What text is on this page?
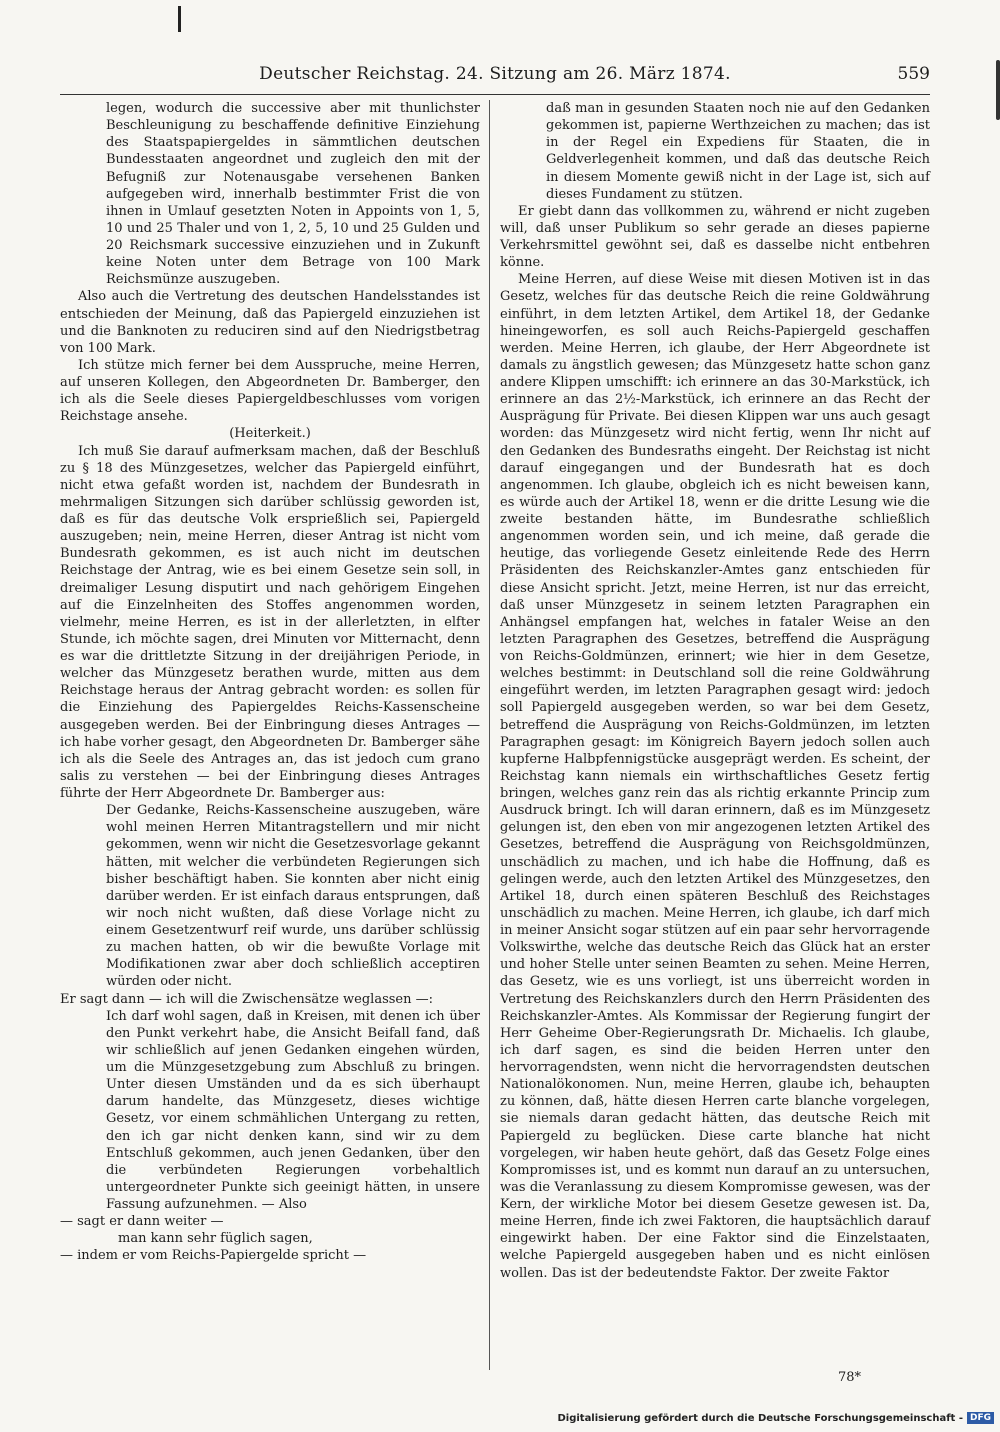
Deutscher Reichstag. 24. Sitzung am 26. März 1874.	559

legen, wodurch die successive aber mit thunlichster Beschleunigung zu beschaffende definitive Einziehung des Staatspapiergeldes in sämmtlichen deutschen Bundesstaaten angeordnet und zugleich den mit der Befugniß zur Notenausgabe versehenen Banken aufgegeben wird, innerhalb bestimmter Frist die von ihnen in Umlauf gesetzten Noten in Appoints von 1, 5, 10 und 25 Thaler und von 1, 2, 5, 10 und 25 Gulden und 20 Reichsmark successive einzuziehen und in Zukunft keine Noten unter dem Betrage von 100 Mark Reichsmünze auszugeben.

Also auch die Vertretung des deutschen Handelsstandes ist entschieden der Meinung, daß das Papiergeld einzuziehen ist und die Banknoten zu reduciren sind auf den Niedrigstbetrag von 100 Mark.

Ich stütze mich ferner bei dem Ausspruche, meine Herren, auf unseren Kollegen, den Abgeordneten Dr. Bamberger, den ich als die Seele dieses Papiergeldbeschlusses vom vorigen Reichstage ansehe.

(Heiterkeit.)

Ich muß Sie darauf aufmerksam machen, daß der Beschluß zu § 18 des Münzgesetzes, welcher das Papiergeld einführt, nicht etwa gefaßt worden ist, nachdem der Bundesrath in mehrmaligen Sitzungen sich darüber schlüssig geworden ist, daß es für das deutsche Volk ersprießlich sei, Papiergeld auszugeben; nein, meine Herren, dieser Antrag ist nicht vom Bundesrath gekommen, es ist auch nicht im deutschen Reichstage der Antrag, wie es bei einem Gesetze sein soll, in dreimaliger Lesung disputirt und nach gehörigem Eingehen auf die Einzelnheiten des Stoffes angenommen worden, vielmehr, meine Herren, es ist in der allerletzten, in elfter Stunde, ich möchte sagen, drei Minuten vor Mitternacht, denn es war die drittletzte Sitzung in der dreijährigen Periode, in welcher das Münzgesetz berathen wurde, mitten aus dem Reichstage heraus der Antrag gebracht worden: es sollen für die Einziehung des Papiergeldes Reichs-Kassenscheine ausgegeben werden. Bei der Einbringung dieses Antrages — ich habe vorher gesagt, den Abgeordneten Dr. Bamberger sähe ich als die Seele des Antrages an, das ist jedoch cum grano salis zu verstehen — bei der Einbringung dieses Antrages führte der Herr Abgeordnete Dr. Bamberger aus:

Der Gedanke, Reichs-Kassenscheine auszugeben, wäre wohl meinen Herren Mitantragstellern und mir nicht gekommen, wenn wir nicht die Gesetzesvorlage gekannt hätten, mit welcher die verbündeten Regierungen sich bisher beschäftigt haben. Sie konnten aber nicht einig darüber werden. Er ist einfach daraus entsprungen, daß wir noch nicht wußten, daß diese Vorlage nicht zu einem Gesetzentwurf reif wurde, uns darüber schlüssig zu machen hatten, ob wir die bewußte Vorlage mit Modifikationen zwar aber doch schließlich acceptiren würden oder nicht.

Er sagt dann — ich will die Zwischensätze weglassen —:

Ich darf wohl sagen, daß in Kreisen, mit denen ich über den Punkt verkehrt habe, die Ansicht Beifall fand, daß wir schließlich auf jenen Gedanken eingehen würden, um die Münzgesetzgebung zum Abschluß zu bringen. Unter diesen Umständen und da es sich überhaupt darum handelte, das Münzgesetz, dieses wichtige Gesetz, vor einem schmählichen Untergang zu retten, den ich gar nicht denken kann, sind wir zu dem Entschluß gekommen, auch jenen Gedanken, über den die verbündeten Regierungen vorbehaltlich untergeordneter Punkte sich geeinigt hätten, in unsere Fassung aufzunehmen. — Also

— sagt er dann weiter —

man kann sehr füglich sagen,

— indem er vom Reichs-Papiergelde spricht —

daß man in gesunden Staaten noch nie auf den Gedanken gekommen ist, papierne Werthzeichen zu machen; das ist in der Regel ein Expediens für Staaten, die in Geldverlegenheit kommen, und daß das deutsche Reich in diesem Momente gewiß nicht in der Lage ist, sich auf dieses Fundament zu stützen.

Er giebt dann das vollkommen zu, während er nicht zugeben will, daß unser Publikum so sehr gerade an dieses papierne Verkehrsmittel gewöhnt sei, daß es dasselbe nicht entbehren könne.

Meine Herren, auf diese Weise mit diesen Motiven ist in das Gesetz, welches für das deutsche Reich die reine Goldwährung einführt, in dem letzten Artikel, dem Artikel 18, der Gedanke hineingeworfen, es soll auch Reichs-Papiergeld geschaffen werden. Meine Herren, ich glaube, der Herr Abgeordnete ist damals zu ängstlich gewesen; das Münzgesetz hatte schon ganz andere Klippen umschifft: ich erinnere an das 30-Markstück, ich erinnere an das 2½-Markstück, ich erinnere an das Recht der Ausprägung für Private. Bei diesen Klippen war uns auch gesagt worden: das Münzgesetz wird nicht fertig, wenn Ihr nicht auf den Gedanken des Bundesraths eingeht. Der Reichstag ist nicht darauf eingegangen und der Bundesrath hat es doch angenommen. Ich glaube, obgleich ich es nicht beweisen kann, es würde auch der Artikel 18, wenn er die dritte Lesung wie die zweite bestanden hätte, im Bundesrathe schließlich angenommen worden sein, und ich meine, daß gerade die heutige, das vorliegende Gesetz einleitende Rede des Herrn Präsidenten des Reichskanzler-Amtes ganz entschieden für diese Ansicht spricht. Jetzt, meine Herren, ist nur das erreicht, daß unser Münzgesetz in seinem letzten Paragraphen ein Anhängsel empfangen hat, welches in fataler Weise an den letzten Paragraphen des Gesetzes, betreffend die Ausprägung von Reichs-Goldmünzen, erinnert; wie hier in dem Gesetze, welches bestimmt: in Deutschland soll die reine Goldwährung eingeführt werden, im letzten Paragraphen gesagt wird: jedoch soll Papiergeld ausgegeben werden, so war bei dem Gesetz, betreffend die Ausprägung von Reichs-Goldmünzen, im letzten Paragraphen gesagt: im Königreich Bayern jedoch sollen auch kupferne Halbpfennigstücke ausgeprägt werden. Es scheint, der Reichstag kann niemals ein wirthschaftliches Gesetz fertig bringen, welches ganz rein das als richtig erkannte Princip zum Ausdruck bringt. Ich will daran erinnern, daß es im Münzgesetz gelungen ist, den eben von mir angezogenen letzten Artikel des Gesetzes, betreffend die Ausprägung von Reichsgoldmünzen, unschädlich zu machen, und ich habe die Hoffnung, daß es gelingen werde, auch den letzten Artikel des Münzgesetzes, den Artikel 18, durch einen späteren Beschluß des Reichstages unschädlich zu machen. Meine Herren, ich glaube, ich darf mich in meiner Ansicht sogar stützen auf ein paar sehr hervorragende Volkswirthe, welche das deutsche Reich das Glück hat an erster und hoher Stelle unter seinen Beamten zu sehen. Meine Herren, das Gesetz, wie es uns vorliegt, ist uns überreicht worden in Vertretung des Reichskanzlers durch den Herrn Präsidenten des Reichskanzler-Amtes. Als Kommissar der Regierung fungirt der Herr Geheime Ober-Regierungsrath Dr. Michaelis. Ich glaube, ich darf sagen, es sind die beiden Herren unter den hervorragendsten, wenn nicht die hervorragendsten deutschen Nationalökonomen. Nun, meine Herren, glaube ich, behaupten zu können, daß, hätte diesen Herren carte blanche vorgelegen, sie niemals daran gedacht hätten, das deutsche Reich mit Papiergeld zu beglücken. Diese carte blanche hat nicht vorgelegen, wir haben heute gehört, daß das Gesetz Folge eines Kompromisses ist, und es kommt nun darauf an zu untersuchen, was die Veranlassung zu diesem Kompromisse gewesen, was der Kern, der wirkliche Motor bei diesem Gesetze gewesen ist. Da, meine Herren, finde ich zwei Faktoren, die hauptsächlich darauf eingewirkt haben. Der eine Faktor sind die Einzelstaaten, welche Papiergeld ausgegeben haben und es nicht einlösen wollen. Das ist der bedeutendste Faktor. Der zweite Faktor

78*
Digitalisierung gefördert durch die Deutsche Forschungsgemeinschaft - DFG
